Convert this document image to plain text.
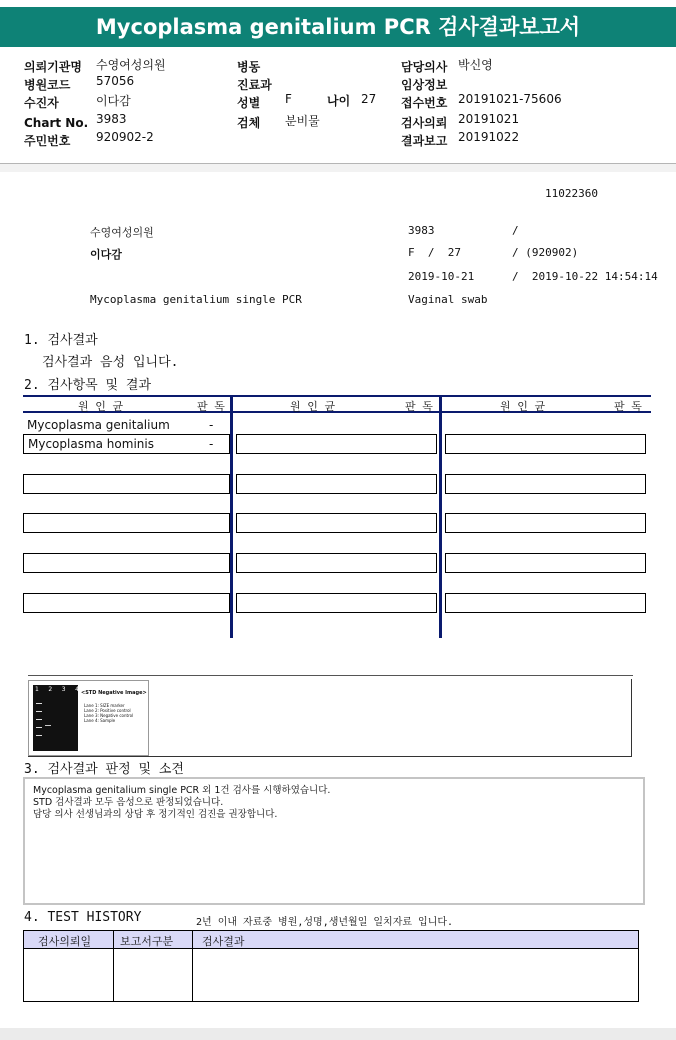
Mycoplasma genitalium PCR 검사결과보고서
의뢰기관명 수영여성의원
병원코드 57056
수진자	이다감
Chart No. 3983
주민번호 920902-2
병동
진료과
성별 F	나이 27
검체 분비물
담당의사 박신영
임상정보
접수번호 20191021-75606
검사의뢰 20191021
결과보고 20191022
11022360
수영여성의원	3983	/
이다감	F  /  27	/ (920902)
2019-10-21	/  2019-10-22 14:54:14
Mycoplasma genitalium single PCR	Vaginal swab
1. 검사결과
검사결과 음성 입니다.
2. 검사항목 및 결과
원 인 균	판 독	원 인 균	판 독	원 인 균	판 독
Mycoplasma genitalium	-
Mycoplasma hominis	-
1 2 3 4 <STD Negative Image>
Lane 1: SIZE marker
Lane 2: Positive control
Lane 3: Negative control
Lane 4: Sample
3. 검사결과 판정 및 소견
Mycoplasma genitalium single PCR 외 1건 검사를 시행하였습니다.
STD 검사결과 모두 음성으로 판정되었습니다.
담당 의사 선생님과의 상담 후 정기적인 검진을 권장합니다.
4. TEST HISTORY	2년 이내 자료중 병원,성명,생년월일 일치자료 입니다.
검사의뢰일	보고서구분	검사결과
